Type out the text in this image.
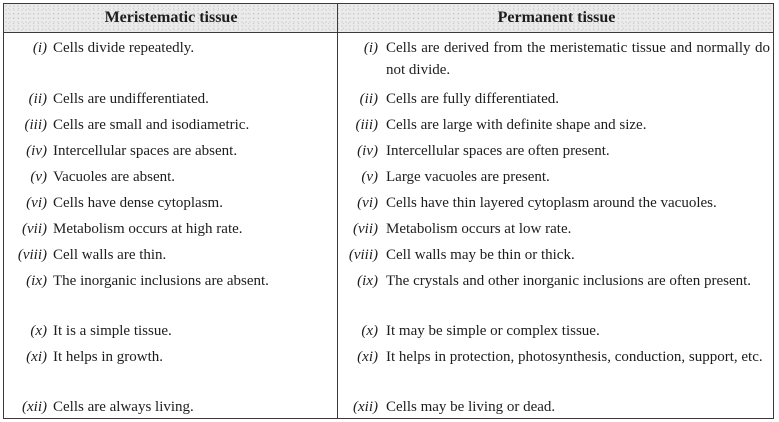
Meristematic tissue	Permanent tissue
(i) Cells divide repeatedly.	(i) Cells are derived from the meristematic tissue and normally do not divide.
(ii) Cells are undifferentiated.	(ii) Cells are fully differentiated.
(iii) Cells are small and isodiametric.	(iii) Cells are large with definite shape and size.
(iv) Intercellular spaces are absent.	(iv) Intercellular spaces are often present.
(v) Vacuoles are absent.	(v) Large vacuoles are present.
(vi) Cells have dense cytoplasm.	(vi) Cells have thin layered cytoplasm around the vacuoles.
(vii) Metabolism occurs at high rate.	(vii) Metabolism occurs at low rate.
(viii) Cell walls are thin.	(viii) Cell walls may be thin or thick.
(ix) The inorganic inclusions are absent.	(ix) The crystals and other inorganic inclusions are often present.
(x) It is a simple tissue.	(x) It may be simple or complex tissue.
(xi) It helps in growth.	(xi) It helps in protection, photosynthesis, conduction, support, etc.
(xii) Cells are always living.	(xii) Cells may be living or dead.
